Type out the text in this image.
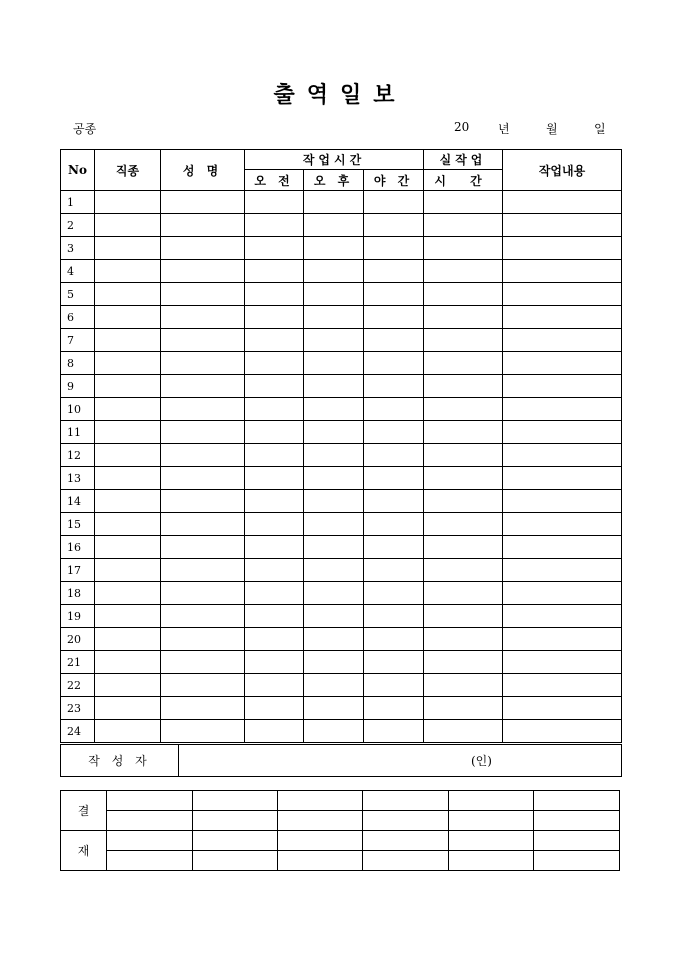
출역일보
공종	20 년	월	일
No	직종	성 명	작업시간			실작업	작업내용
			오 전	오 후	야 간	시 간	
1							
2							
3							
4							
5							
6							
7							
8							
9							
10							
11							
12							
13							
14							
15							
16							
17							
18							
19							
20							
21							
22							
23							
24							
작 성 자	(인)
결						

재						
